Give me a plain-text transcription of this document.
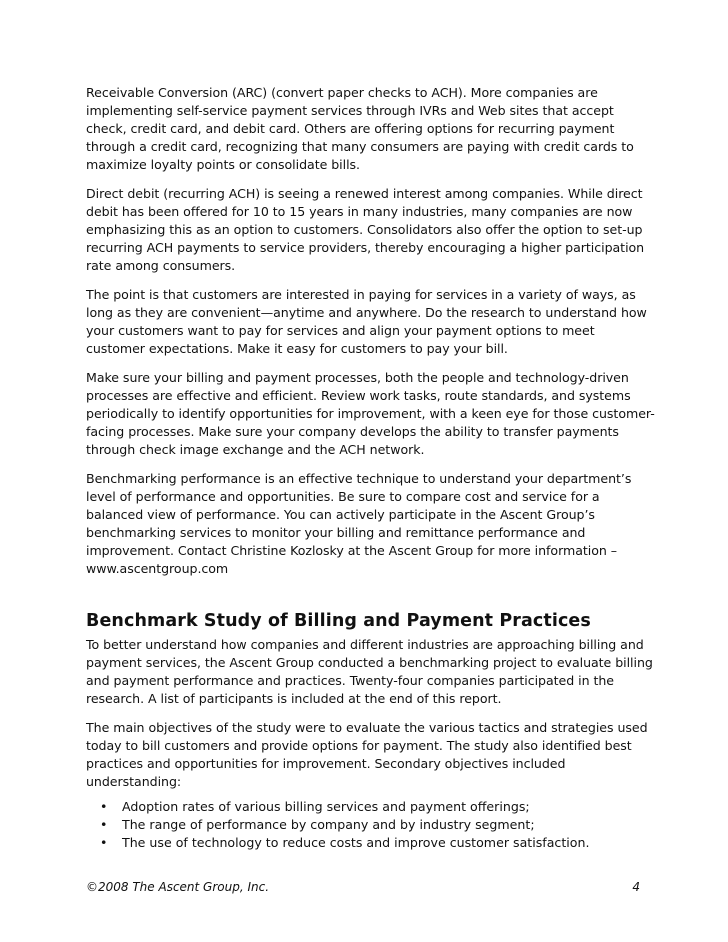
Receivable Conversion (ARC) (convert paper checks to ACH). More companies are implementing self-service payment services through IVRs and Web sites that accept check, credit card, and debit card. Others are offering options for recurring payment through a credit card, recognizing that many consumers are paying with credit cards to maximize loyalty points or consolidate bills.

Direct debit (recurring ACH) is seeing a renewed interest among companies. While direct debit has been offered for 10 to 15 years in many industries, many companies are now emphasizing this as an option to customers. Consolidators also offer the option to set-up recurring ACH payments to service providers, thereby encouraging a higher participation rate among consumers.

The point is that customers are interested in paying for services in a variety of ways, as long as they are convenient—anytime and anywhere. Do the research to understand how your customers want to pay for services and align your payment options to meet customer expectations. Make it easy for customers to pay your bill.

Make sure your billing and payment processes, both the people and technology-driven processes are effective and efficient. Review work tasks, route standards, and systems periodically to identify opportunities for improvement, with a keen eye for those customer-facing processes. Make sure your company develops the ability to transfer payments through check image exchange and the ACH network.

Benchmarking performance is an effective technique to understand your department’s level of performance and opportunities. Be sure to compare cost and service for a balanced view of performance. You can actively participate in the Ascent Group’s benchmarking services to monitor your billing and remittance performance and improvement. Contact Christine Kozlosky at the Ascent Group for more information – www.ascentgroup.com

Benchmark Study of Billing and Payment Practices

To better understand how companies and different industries are approaching billing and payment services, the Ascent Group conducted a benchmarking project to evaluate billing and payment performance and practices. Twenty-four companies participated in the research. A list of participants is included at the end of this report.

The main objectives of the study were to evaluate the various tactics and strategies used today to bill customers and provide options for payment. The study also identified best practices and opportunities for improvement. Secondary objectives included understanding:

• Adoption rates of various billing services and payment offerings;
• The range of performance by company and by industry segment;
• The use of technology to reduce costs and improve customer satisfaction.
©2008 The Ascent Group, Inc.	4
